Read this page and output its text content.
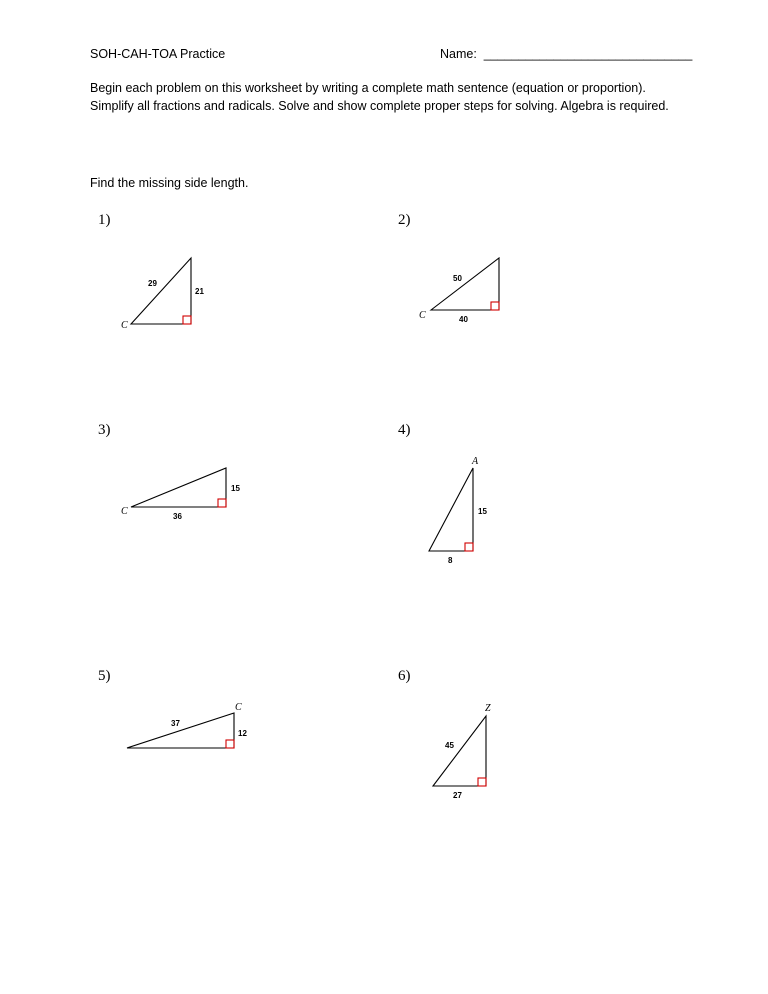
SOH-CAH-TOA Practice	Name: ______________________________
Begin each problem on this worksheet by writing a complete math sentence (equation or proportion). Simplify all fractions and radicals. Solve and show complete proper steps for solving. Algebra is required.
Find the missing side length.
1)
C
29
21
2)
C
50
40
3)
C
15
36
4)
A
15
8
5)
C
37
12
6)
Z
45
27
